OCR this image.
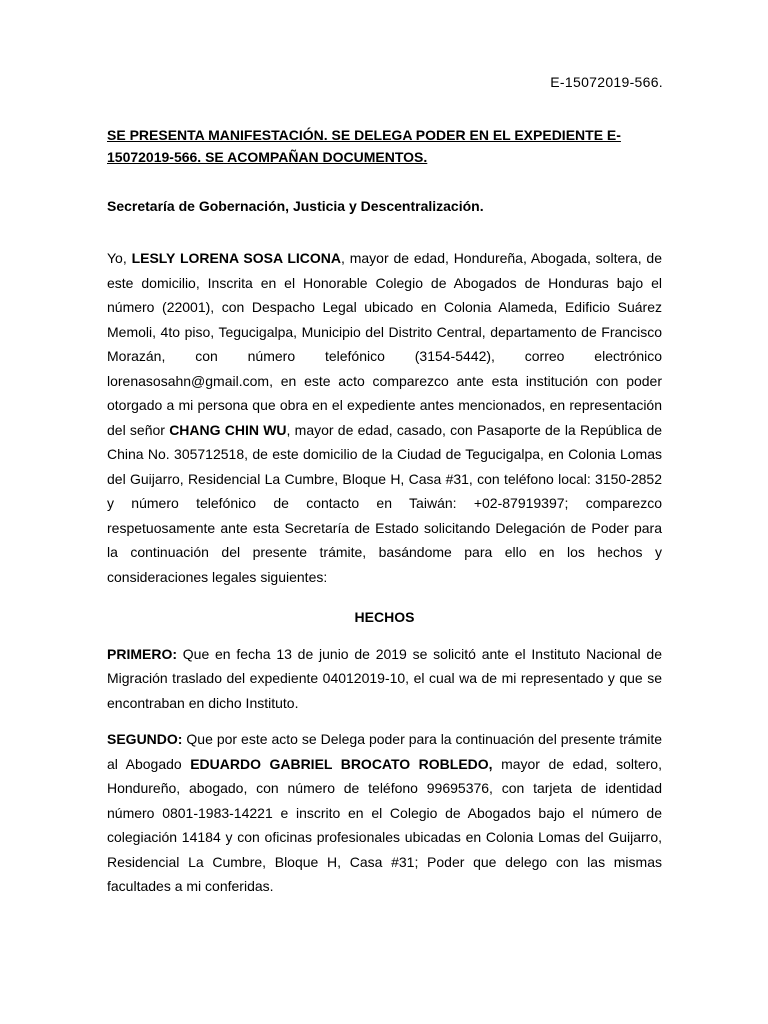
E-15072019-566.
SE PRESENTA MANIFESTACIÓN. SE DELEGA PODER EN EL EXPEDIENTE E-15072019-566. SE ACOMPAÑAN DOCUMENTOS.
Secretaría de Gobernación, Justicia y Descentralización.

Yo, LESLY LORENA SOSA LICONA, mayor de edad, Hondureña, Abogada, soltera, de este domicilio, Inscrita en el Honorable Colegio de Abogados de Honduras bajo el número (22001), con Despacho Legal ubicado en Colonia Alameda, Edificio Suárez Memoli, 4to piso, Tegucigalpa, Municipio del Distrito Central, departamento de Francisco Morazán, con número telefónico (3154-5442), correo electrónico lorenasosahn@gmail.com, en este acto comparezco ante esta institución con poder otorgado a mi persona que obra en el expediente antes mencionados, en representación del señor CHANG CHIN WU, mayor de edad, casado, con Pasaporte de la República de China No. 305712518, de este domicilio de la Ciudad de Tegucigalpa, en Colonia Lomas del Guijarro, Residencial La Cumbre, Bloque H, Casa #31, con teléfono local: 3150-2852 y número telefónico de contacto en Taiwán: +02-87919397; comparezco respetuosamente ante esta Secretaría de Estado solicitando Delegación de Poder para la continuación del presente trámite, basándome para ello en los hechos y consideraciones legales siguientes:

HECHOS

PRIMERO: Que en fecha 13 de junio de 2019 se solicitó ante el Instituto Nacional de Migración traslado del expediente 04012019-10, el cual wa de mi representado y que se encontraban en dicho Instituto.

SEGUNDO: Que por este acto se Delega poder para la continuación del presente trámite al Abogado EDUARDO GABRIEL BROCATO ROBLEDO, mayor de edad, soltero, Hondureño, abogado, con número de teléfono 99695376, con tarjeta de identidad número 0801-1983-14221 e inscrito en el Colegio de Abogados bajo el número de colegiación 14184 y con oficinas profesionales ubicadas en Colonia Lomas del Guijarro, Residencial La Cumbre, Bloque H, Casa #31; Poder que delego con las mismas facultades a mi conferidas.
